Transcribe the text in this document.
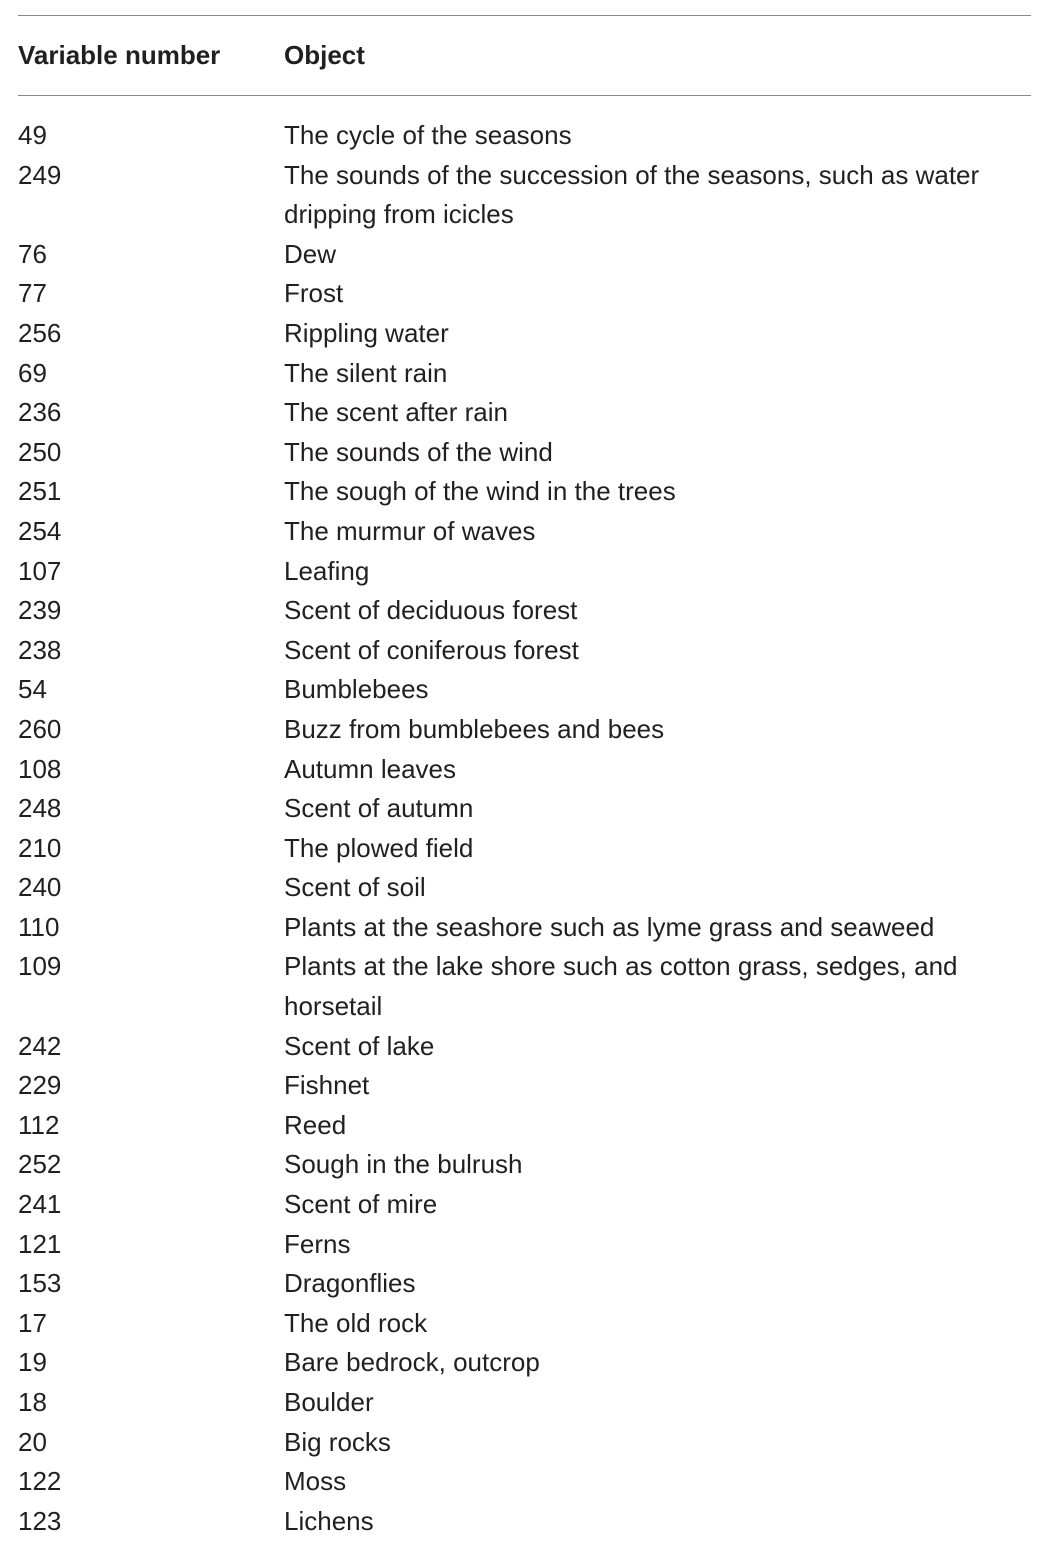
Variable number	Object
49	The cycle of the seasons
249	The sounds of the succession of the seasons, such as water dripping from icicles
76	Dew
77	Frost
256	Rippling water
69	The silent rain
236	The scent after rain
250	The sounds of the wind
251	The sough of the wind in the trees
254	The murmur of waves
107	Leafing
239	Scent of deciduous forest
238	Scent of coniferous forest
54	Bumblebees
260	Buzz from bumblebees and bees
108	Autumn leaves
248	Scent of autumn
210	The plowed field
240	Scent of soil
110	Plants at the seashore such as lyme grass and seaweed
109	Plants at the lake shore such as cotton grass, sedges, and horsetail
242	Scent of lake
229	Fishnet
112	Reed
252	Sough in the bulrush
241	Scent of mire
121	Ferns
153	Dragonflies
17	The old rock
19	Bare bedrock, outcrop
18	Boulder
20	Big rocks
122	Moss
123	Lichens
